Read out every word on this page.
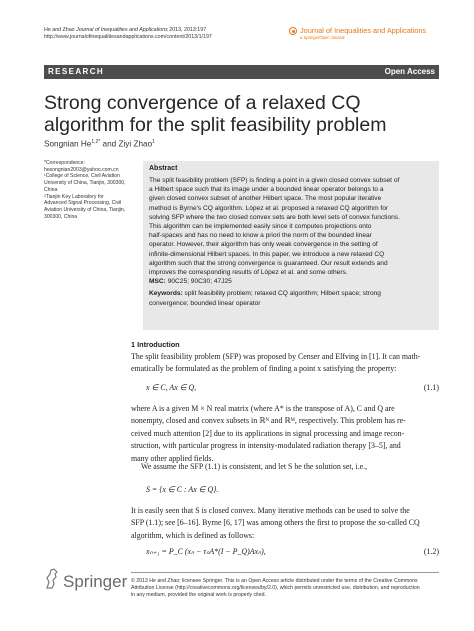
He and Zhao Journal of Inequalities and Applications 2013, 2013:197
http://www.journalofinequalitiesandapplications.com/content/2013/1/197
Journal of Inequalities and Applications
a SpringerOpen Journal
RESEARCH	Open Access
Strong convergence of a relaxed CQ
algorithm for the split feasibility problem
Songnian $He^{1,2*}$ and Ziyi Zhao$^1$

*Correspondence:

hesongnian2003@yahoo.com.cn

¹College of Science, Civil Aviation

University of China, Tianjin, 300300,

China

²Tianjin Key Laboratory for

Advanced Signal Processing, Civil

Aviation University of China, Tianjin,

300300, China

Abstract
The split feasibility problem (SFP) is finding a point in a given closed convex subset of
a Hilbert space such that its image under a bounded linear operator belongs to a
given closed convex subset of another Hilbert space. The most popular iterative
method is Byrne's CQ algorithm. López et al. proposed a relaxed CQ algorithm for
solving SFP where the two closed convex sets are both level sets of convex functions.
This algorithm can be implemented easily since it computes projections onto
half-spaces and has no need to know a priori the norm of the bounded linear
operator. However, their algorithm has only weak convergence in the setting of
infinite-dimensional Hilbert spaces. In this paper, we introduce a new relaxed CQ
algorithm such that the strong convergence is guaranteed. Our result extends and
improves the corresponding results of López et al. and some others.
MSC: 90C25; 90C30; 47J25
Keywords: split feasibility problem; relaxed CQ algorithm; Hilbert space; strong
convergence; bounded linear operator
1 Introduction
The split feasibility problem (SFP) was proposed by Censer and Elfving in [1]. It can math-
ematically be formulated as the problem of finding a point x satisfying the property:
x ∈ C, Ax ∈ Q,	(1.1)
where A is a given M × N real matrix (where A* is the transpose of A), C and Q are
nonempty, closed and convex subsets in ℝᴺ and ℝᴹ, respectively. This problem has re-
ceived much attention [2] due to its applications in signal processing and image recon-
struction, with particular progress in intensity-modulated radiation therapy [3–5], and
many other applied fields.
We assume the SFP (1.1) is consistent, and let S be the solution set, i.e.,
S = {x ∈ C : Ax ∈ Q}.
It is easily seen that S is closed convex. Many iterative methods can be used to solve the
SFP (1.1); see [6–16]. Byrne [6, 17] was among others the first to propose the so-called CQ
algorithm, which is defined as follows:
xₙ₊₁ = P_C (xₙ − τₙA*(I − P_Q)Axₙ),	(1.2)
Springer © 2013 He and Zhao; licensee Springer. This is an Open Access article distributed under the terms of the Creative Commons
Attribution License (http://creativecommons.org/licenses/by/2.0), which permits unrestricted use, distribution, and reproduction
in any medium, provided the original work is properly cited.
